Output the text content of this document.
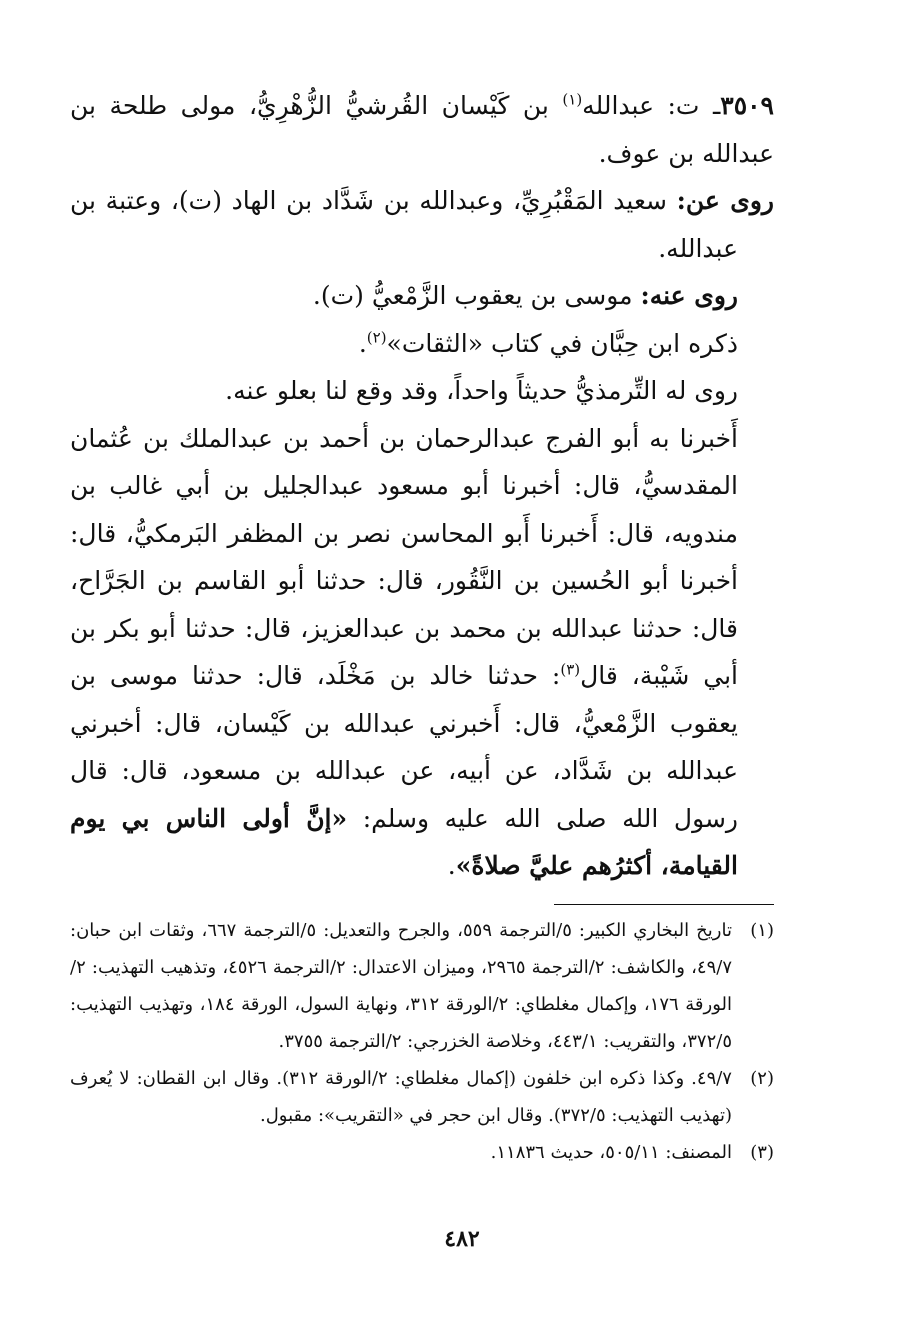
٣٥٠٩ـ ت: عبدالله$^{(١)}$ بن كَيْسان القُرشيُّ الزُّهْرِيُّ، مولى طلحة بن عبدالله بن عوف.

روى عن: سعيد المَقْبُرِيِّ، وعبدالله بن شَدَّاد بن الهاد (ت)، وعتبة بن عبدالله.

روى عنه: موسى بن يعقوب الزَّمْعيُّ (ت).

ذكره ابن حِبَّان في كتاب «الثقات»$^{(٢)}$.

روى له التِّرمذيُّ حديثاً واحداً، وقد وقع لنا بعلو عنه.

أَخبرنا به أبو الفرج عبدالرحمان بن أحمد بن عبدالملك بن عُثمان المقدسيُّ، قال: أخبرنا أبو مسعود عبدالجليل بن أبي غالب بن مندويه، قال: أَخبرنا أَبو المحاسن نصر بن المظفر البَرمكيُّ، قال: أخبرنا أبو الحُسين بن النَّقُور، قال: حدثنا أبو القاسم بن الجَرَّاح، قال: حدثنا عبدالله بن محمد بن عبدالعزيز، قال: حدثنا أبو بكر بن أبي شَيْبة، قال$^{(٣)}$: حدثنا خالد بن مَخْلَد، قال: حدثنا موسى بن يعقوب الزَّمْعيُّ، قال: أَخبرني عبدالله بن كَيْسان، قال: أخبرني عبدالله بن شَدَّاد، عن أبيه، عن عبدالله بن مسعود، قال: قال رسول الله صلى الله عليه وسلم: «إنَّ أولى الناس بي يوم القيامة، أكثرُهم عليَّ صلاةً».

(١)
تاريخ البخاري الكبير: ٥/الترجمة ٥٥٩، والجرح والتعديل: ٥/الترجمة ٦٦٧، وثقات ابن حبان: ٤٩/٧، والكاشف: ٢/الترجمة ٢٩٦٥، وميزان الاعتدال: ٢/الترجمة ٤٥٢٦، وتذهيب التهذيب: ٢/الورقة ١٧٦، وإكمال مغلطاي: ٢/الورقة ٣١٢، ونهاية السول، الورقة ١٨٤، وتهذيب التهذيب: ٣٧٢/٥، والتقريب: ٤٤٣/١، وخلاصة الخزرجي: ٢/الترجمة ٣٧٥٥.
(٢)
٤٩/٧. وكذا ذكره ابن خلفون (إكمال مغلطاي: ٢/الورقة ٣١٢). وقال ابن القطان: لا يُعرف (تهذيب التهذيب: ٣٧٢/٥). وقال ابن حجر في «التقريب»: مقبول.
(٣)
المصنف: ٥٠٥/١١، حديث ١١٨٣٦.
٤٨٢
